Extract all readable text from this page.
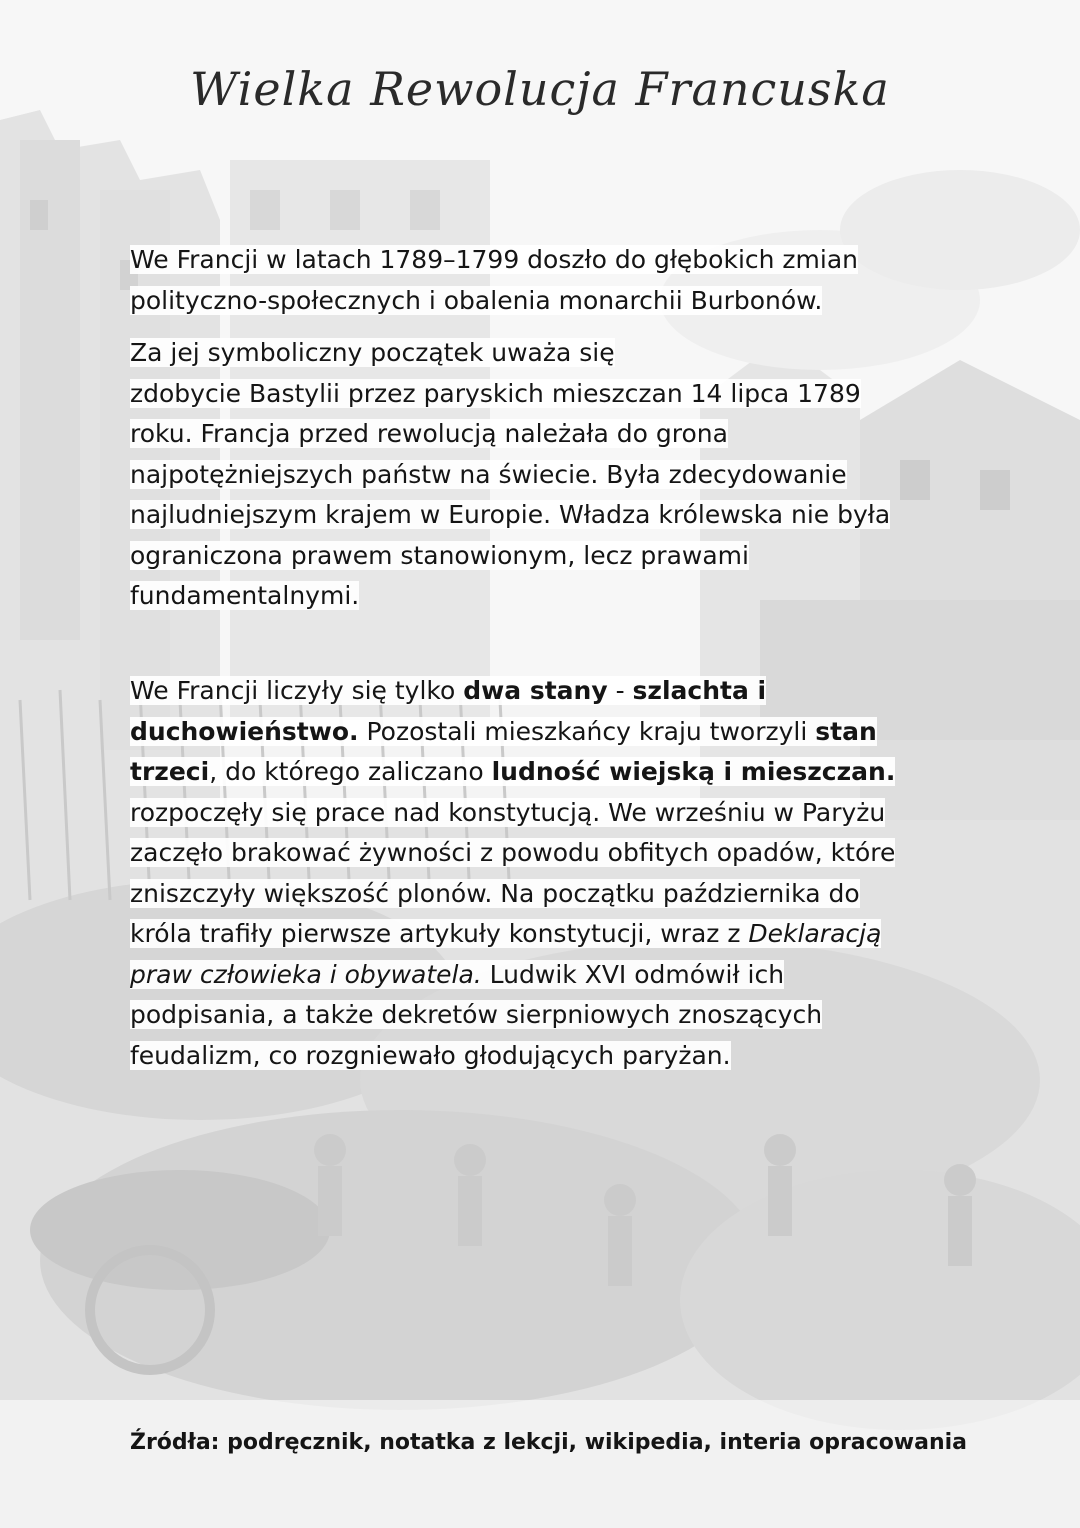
Wielka Rewolucja Francuska

We Francji w latach 1789–1799 doszło do głębokich zmian
polityczno-społecznych i obalenia monarchii Burbonów.

Za jej symboliczny początek uważa się
zdobycie Bastylii przez paryskich mieszczan 14 lipca 1789
roku. Francja przed rewolucją należała do grona
najpotężniejszych państw na świecie. Była zdecydowanie
najludniejszym krajem w Europie. Władza królewska nie była
ograniczona prawem stanowionym, lecz prawami
fundamentalnymi.

We Francji liczyły się tylko dwa stany - szlachta i
duchowieństwo. Pozostali mieszkańcy kraju tworzyli stan
trzeci, do którego zaliczano ludność wiejską i mieszczan.
rozpoczęły się prace nad konstytucją. We wrześniu w Paryżu
zaczęło brakować żywności z powodu obfitych opadów, które
zniszczyły większość plonów. Na początku października do
króla trafiły pierwsze artykuły konstytucji, wraz z Deklaracją
praw człowieka i obywatela. Ludwik XVI odmówił ich
podpisania, a także dekretów sierpniowych znoszących
feudalizm, co rozgniewało głodujących paryżan.

Źródła: podręcznik, notatka z lekcji, wikipedia, interia opracowania
